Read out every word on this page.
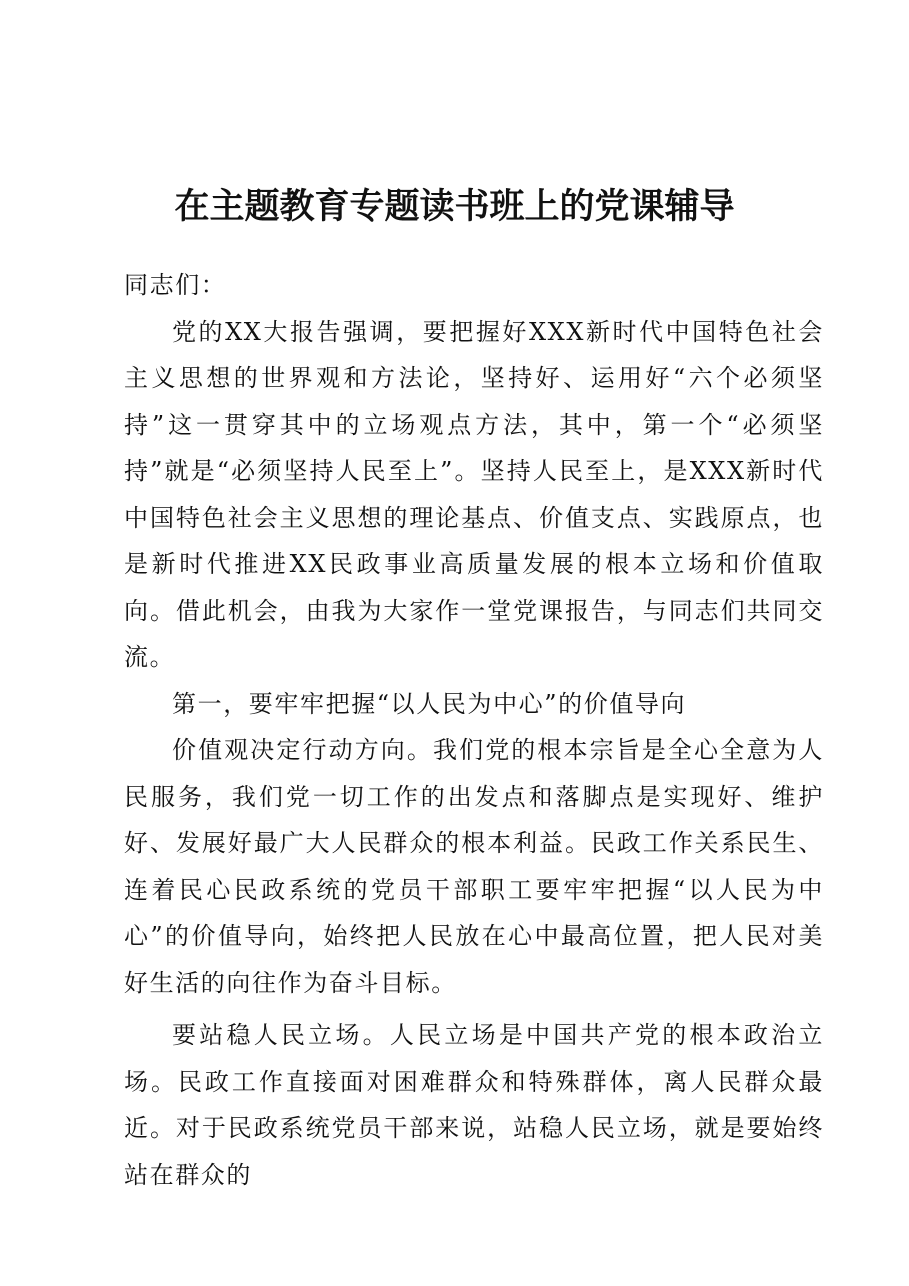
在主题教育专题读书班上的党课辅导

同志们：

党的XX大报告强调，要把握好XXX新时代中国特色社会主义思想的世界观和方法论，坚持好、运用好“六个必须坚持”这一贯穿其中的立场观点方法，其中，第一个“必须坚持”就是“必须坚持人民至上”。坚持人民至上，是XXX新时代中国特色社会主义思想的理论基点、价值支点、实践原点，也是新时代推进XX民政事业高质量发展的根本立场和价值取向。借此机会，由我为大家作一堂党课报告，与同志们共同交流。

第一，要牢牢把握“以人民为中心”的价值导向

价值观决定行动方向。我们党的根本宗旨是全心全意为人民服务，我们党一切工作的出发点和落脚点是实现好、维护好、发展好最广大人民群众的根本利益。民政工作关系民生、连着民心民政系统的党员干部职工要牢牢把握“以人民为中心”的价值导向，始终把人民放在心中最高位置，把人民对美好生活的向往作为奋斗目标。

要站稳人民立场。人民立场是中国共产党的根本政治立场。民政工作直接面对困难群众和特殊群体，离人民群众最近。对于民政系统党员干部来说，站稳人民立场，就是要始终站在群众的
